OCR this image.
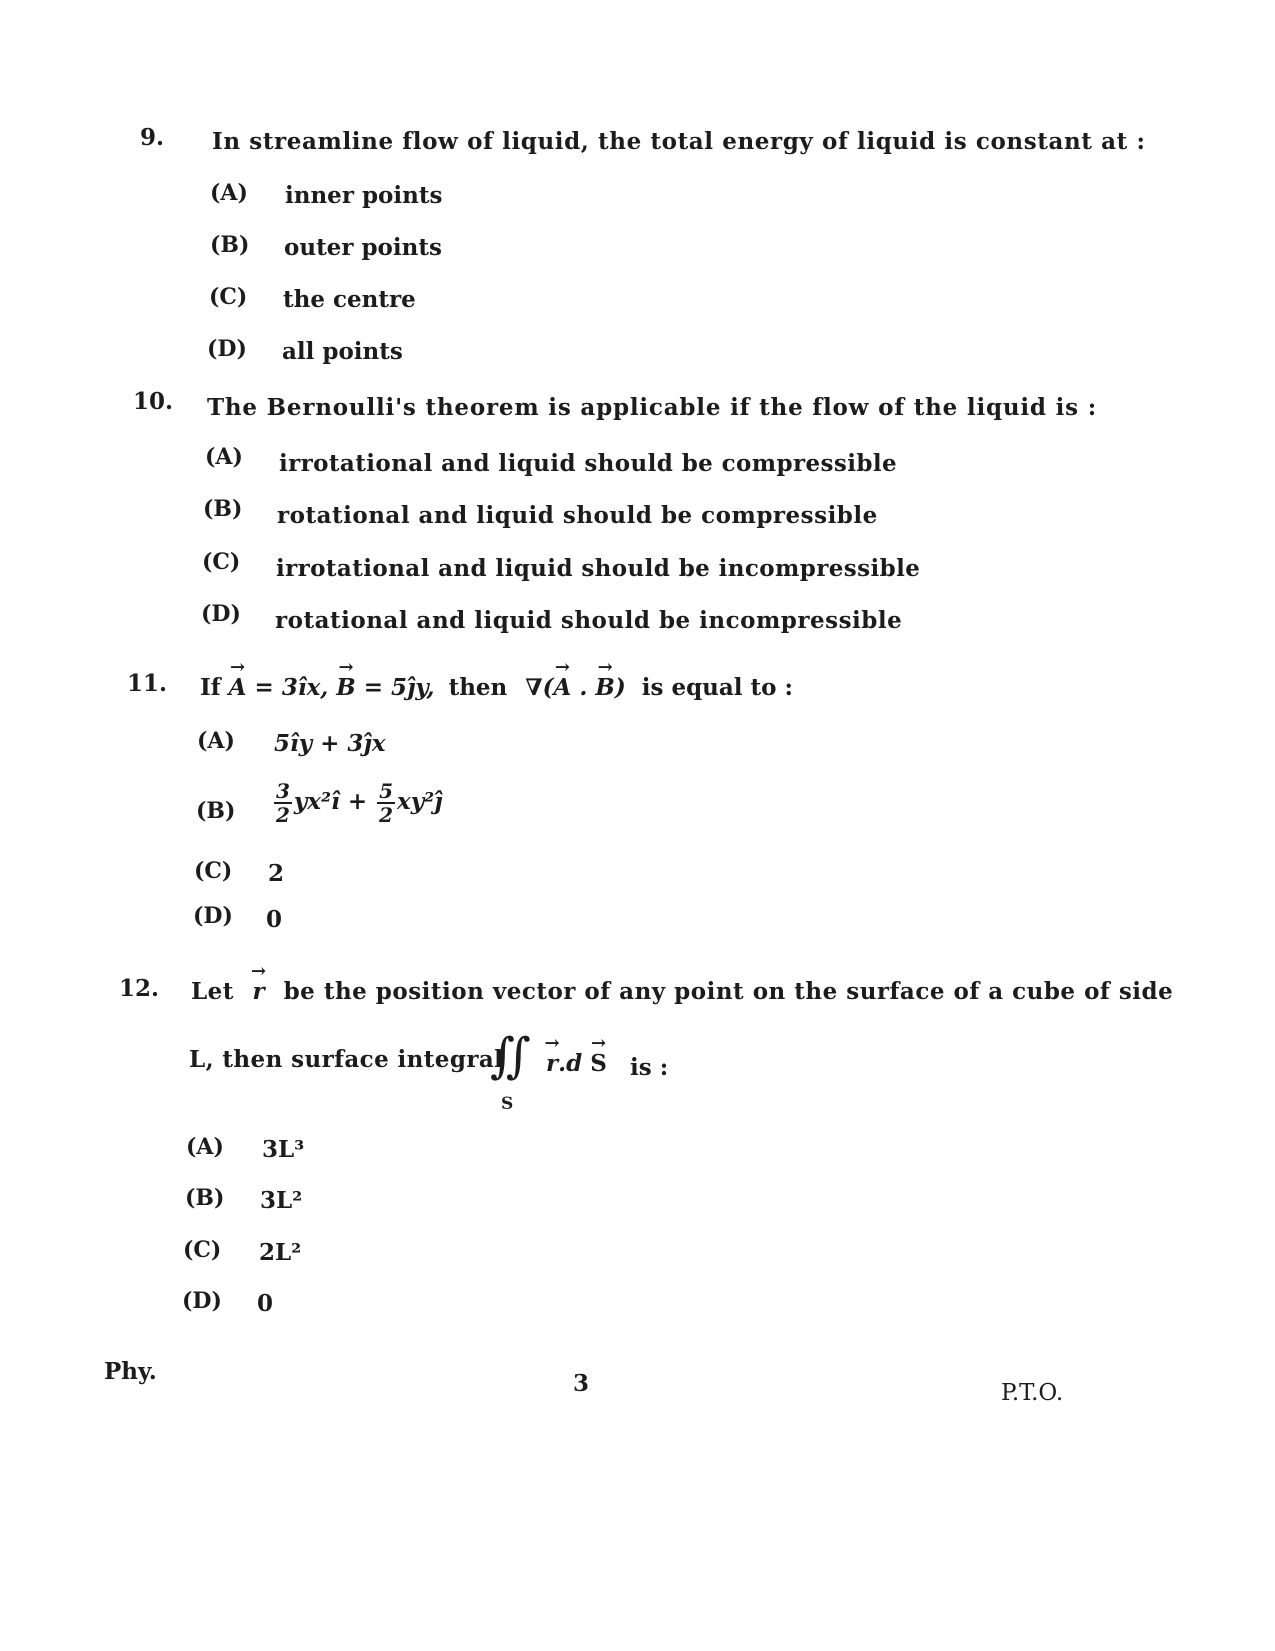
9. In streamline flow of liquid, the total energy of liquid is constant at :
(A) inner points
(B) outer points
(C) the centre
(D) all points
10. The Bernoulli's theorem is applicable if the flow of the liquid is :
(A) irrotational and liquid should be compressible
(B) rotational and liquid should be compressible
(C) irrotational and liquid should be incompressible
(D) rotational and liquid should be incompressible
11. If → A = 3îx, → B = 5ĵy, then ∇(→ A . → B) is equal to :
(A) 5îy + 3ĵx
$(B) \frac{3}{2}$ yx²î + $\frac{5}{2}$ xy²ĵ
(C) 2
(D) 0
12. Let → r be the position vector of any point on the surface of a cube of side
L, then surface integral
∬
S
→ r.d → S is :
(A) 3L³
(B) 3L²
(C) 2L²
(D) 0
Phy.	3	P.T.O.
